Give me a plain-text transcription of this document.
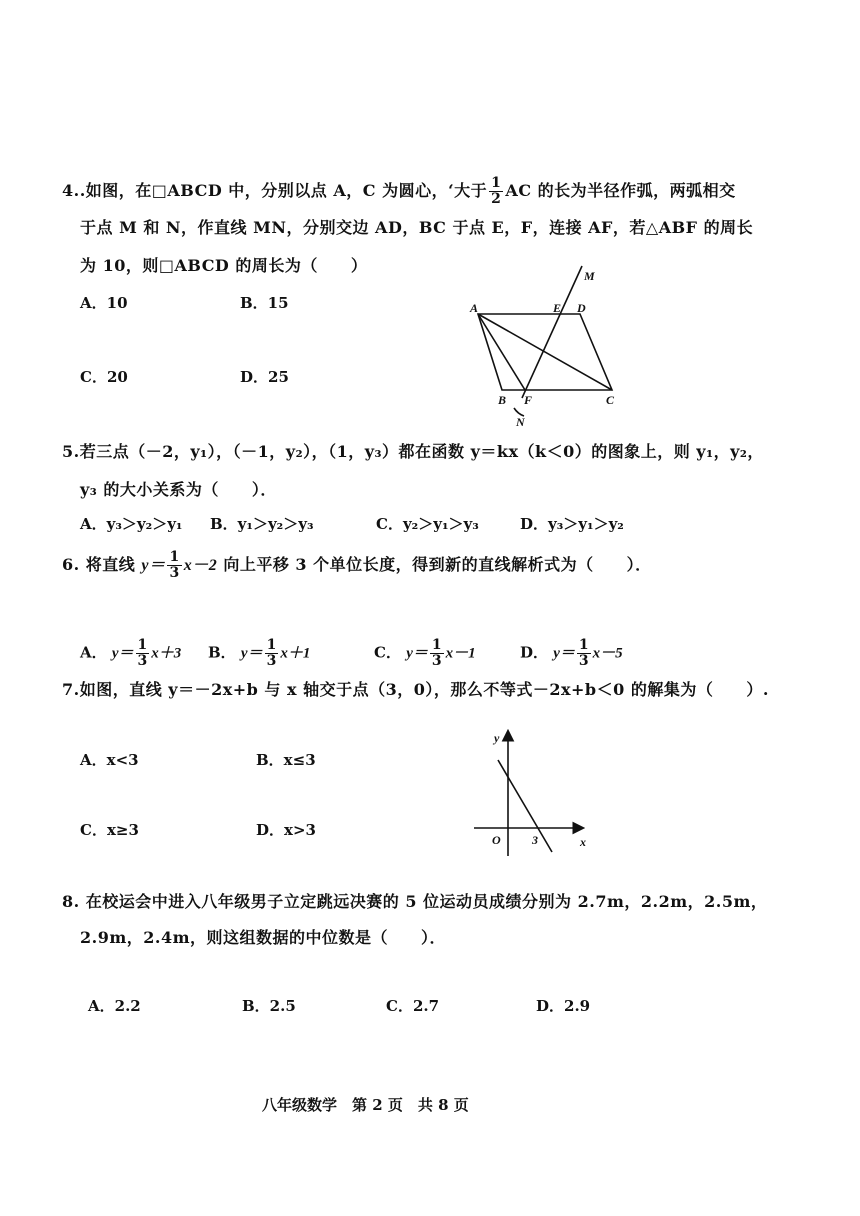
4..如图，在□ABCD 中，分别以点 A，C 为圆心，‘大于 $\frac{1}{2}$ AC 的长为半径作弧，两弧相交
于点 M 和 N，作直线 MN，分别交边 AD，BC 于点 E，F，连接 AF，若△ABF 的周长
为 10，则□ABCD 的周长为（　　）
A．10	B．15
C．20	D．25
A	E D
M
B F	C
N
5.若三点（－2，y₁），（－1，y₂），（1，y₃）都在函数 y＝kx（k＜0）的图象上，则 y₁，y₂，
y₃ 的大小关系为（　　）．
A．y₃＞y₂＞y₁ B．y₁＞y₂＞y₃	C．y₂＞y₁＞y₃	D．y₃＞y₁＞y₂
6. 将直线 $y= \frac{1}{3} x-2$ 向上平移 3 个单位长度，得到新的直线解析式为（　　）．
A． $y= \frac{1}{3} x+3$ B． $y= \frac{1}{3} x+1$	C． $y= \frac{1}{3} x-1$	D． $y= \frac{1}{3} x-5$
7.如图，直线 y＝－2x+b 与 x 轴交于点（3，0），那么不等式－2x+b＜0 的解集为（　　）.
A．x<3	B．x≤3
C．x≥3	D．x>3
y
O	3	x
8. 在校运会中进入八年级男子立定跳远决赛的 5 位运动员成绩分别为 2.7m，2.2m，2.5m，
2.9m，2.4m，则这组数据的中位数是（　　）．
A．2.2	B．2.5	C．2.7	D．2.9
八年级数学　第 2 页　共 8 页
